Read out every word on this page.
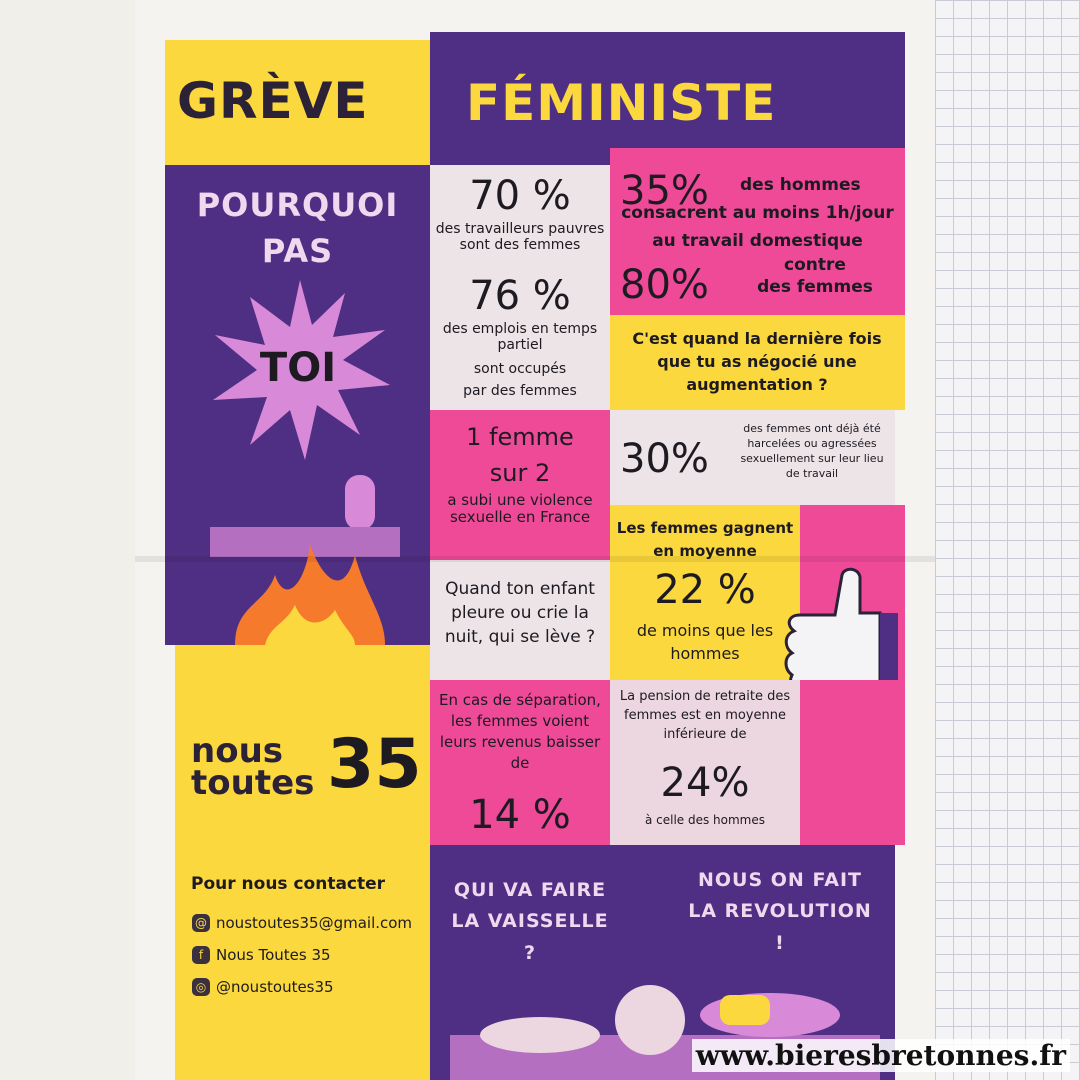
GRÈVE FÉMINISTE

POURQUOI

PAS

TOI

nous
toutes 35

Pour nous contacter

@ noustoutes35@gmail.com
f Nous Toutes 35
◎ @noustoutes35

70 %

des travailleurs pauvres sont des femmes

76 %

des emplois en temps partiel

sont occupés

par des femmes

1 femme

sur 2

a subi une violence sexuelle en France

Quand ton enfant pleure ou crie la nuit, qui se lève ?

En cas de séparation, les femmes voient leurs revenus baisser de

14 %

35% des hommes

consacrent au moins 1h/jour

au travail domestique

80%	contre

des femmes

C'est quand la dernière fois que tu as négocié une augmentation ?

30%

des femmes ont déjà été harcelées ou agressées sexuellement sur leur lieu de travail

Les femmes gagnent en moyenne

22 %

de moins que les hommes

La pension de retraite des femmes est en moyenne inférieure de

24%

à celle des hommes

QUI VA FAIRE LA VAISSELLE ?

NOUS ON FAIT LA REVOLUTION !

www.bieresbretonnes.fr
